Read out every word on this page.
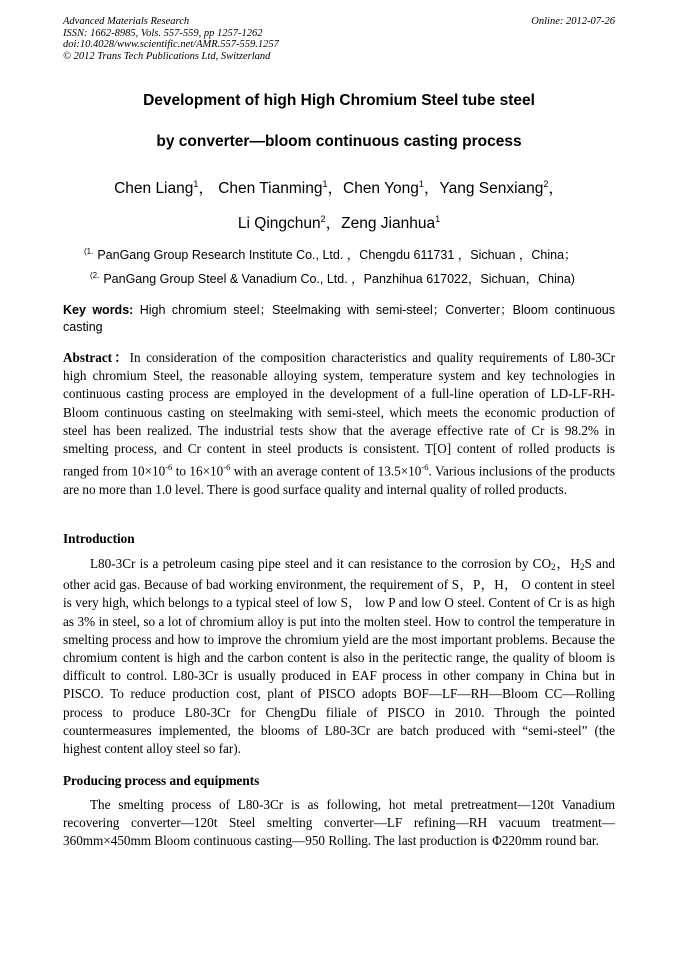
Advanced Materials Research
ISSN: 1662-8985, Vols. 557-559, pp 1257-1262
doi:10.4028/www.scientific.net/AMR.557-559.1257
© 2012 Trans Tech Publications Ltd, Switzerland
Online: 2012-07-26
Development of high High Chromium Steel tube steel
by converter—bloom continuous casting process
Chen Liang$^1$， Chen Tianming$^1$，Chen Yong$^1$，Yang Senxiang$^2$，
Li Qingchun$^2$，Zeng Jianhua$^1$
$^{(1.}$ PanGang Group Research Institute Co., Ltd. ，Chengdu 611731 ，Sichuan ，China；
$^{(2.}$ PanGang Group Steel & Vanadium Co., Ltd. ，Panzhihua 617022，Sichuan，China)
Key words: High chromium steel；Steelmaking with semi-steel；Converter；Bloom continuous casting
Abstract：In consideration of the composition characteristics and quality requirements of L80-3Cr high chromium Steel, the reasonable alloying system, temperature system and key technologies in continuous casting process are employed in the development of a full-line operation of LD-LF-RH-Bloom continuous casting on steelmaking with semi-steel, which meets the economic production of steel has been realized. The industrial tests show that the average effective rate of Cr is 98.2% in smelting process, and Cr content in steel products is consistent. T[O] content of rolled products is ranged from $10\times 10^{-6}$ to $16\times 10^{-6}$ with an average content of $13.5\times 10^{-6}$. Various inclusions of the products are no more than 1.0 level. There is good surface quality and internal quality of rolled products.
Introduction
L80-3Cr is a petroleum casing pipe steel and it can resistance to the corrosion by $CO_2$，$H_2S$ and other acid gas. Because of bad working environment, the requirement of S，P，H， O content in steel is very high, which belongs to a typical steel of low S， low P and low O steel. Content of Cr is as high as 3% in steel, so a lot of chromium alloy is put into the molten steel. How to control the temperature in smelting process and how to improve the chromium yield are the most important problems. Because the chromium content is high and the carbon content is also in the peritectic range, the quality of bloom is difficult to control. L80-3Cr is usually produced in EAF process in other company in China but in PISCO. To reduce production cost, plant of PISCO adopts BOF—LF—RH—Bloom CC—Rolling process to produce L80-3Cr for ChengDu filiale of PISCO in 2010. Through the pointed countermeasures implemented, the blooms of L80-3Cr are batch produced with “semi-steel” (the highest content alloy steel so far).
Producing process and equipments
The smelting process of L80-3Cr is as following, hot metal pretreatment—120t Vanadium recovering converter—120t Steel smelting converter—LF refining—RH vacuum treatment—360mm×450mm Bloom continuous casting—950 Rolling. The last production is Φ220mm round bar.
